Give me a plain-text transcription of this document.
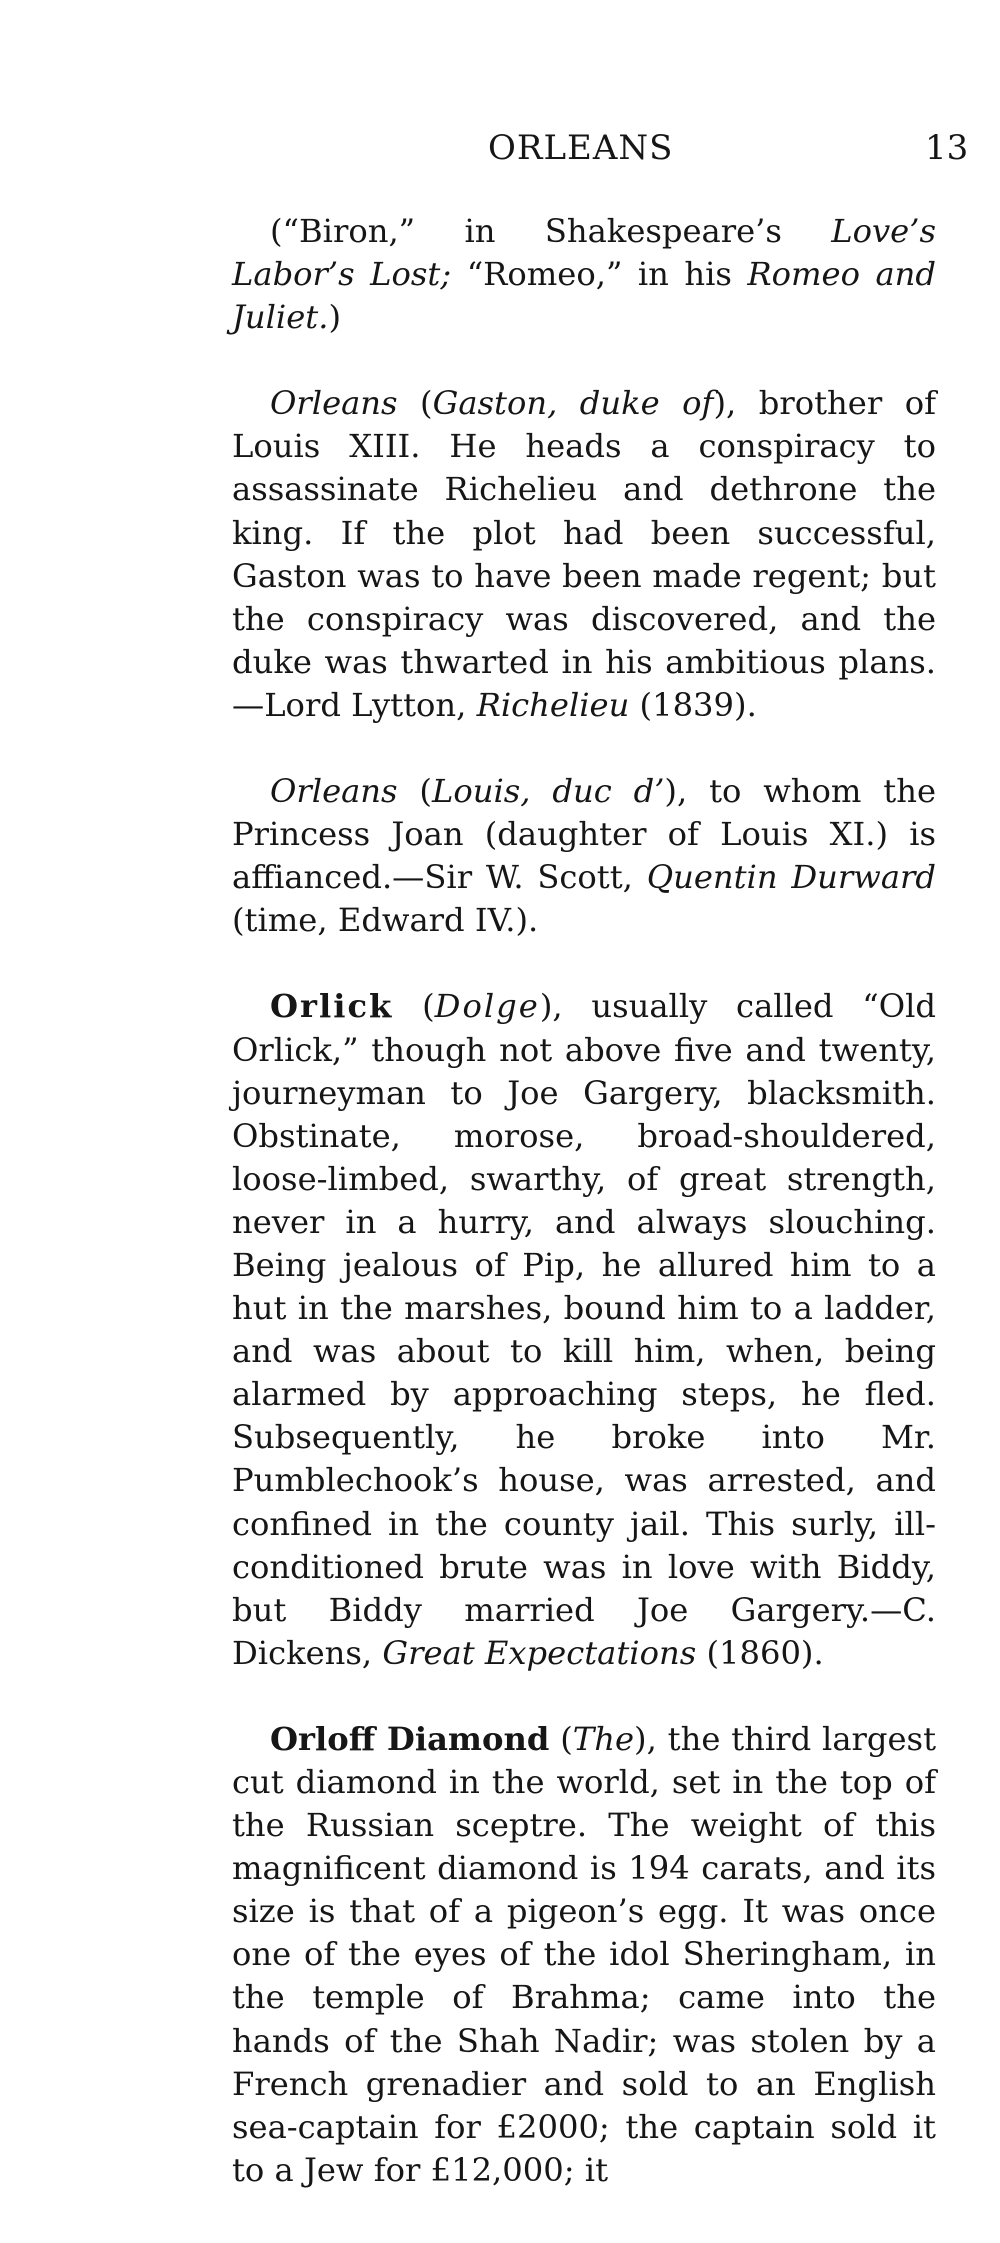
ORLEANS	13

(“Biron,” in Shakespeare’s Love’s Labor’s Lost; “Romeo,” in his Romeo and Juliet.)

Orleans (Gaston, duke of), brother of Louis XIII. He heads a conspiracy to assassinate Richelieu and dethrone the king. If the plot had been successful, Gaston was to have been made regent; but the conspiracy was discovered, and the duke was thwarted in his ambitious plans.—Lord Lytton, Richelieu (1839).

Orleans (Louis, duc d’), to whom the Princess Joan (daughter of Louis XI.) is affianced.—Sir W. Scott, Quentin Durward (time, Edward IV.).

Orlick (Dolge), usually called “Old Orlick,” though not above five and twenty, journeyman to Joe Gargery, blacksmith. Obstinate, morose, broad-shouldered, loose-limbed, swarthy, of great strength, never in a hurry, and always slouching. Being jealous of Pip, he allured him to a hut in the marshes, bound him to a ladder, and was about to kill him, when, being alarmed by approaching steps, he fled. Subsequently, he broke into Mr. Pumblechook’s house, was arrested, and confined in the county jail. This surly, ill-conditioned brute was in love with Biddy, but Biddy married Joe Gargery.—C. Dickens, Great Expectations (1860).

Orloff Diamond (The), the third largest cut diamond in the world, set in the top of the Russian sceptre. The weight of this magnificent diamond is 194 carats, and its size is that of a pigeon’s egg. It was once one of the eyes of the idol Sheringham, in the temple of Brahma; came into the hands of the Shah Nadir; was stolen by a French grenadier and sold to an English sea-captain for £2000; the captain sold it to a Jew for £12,000; it
